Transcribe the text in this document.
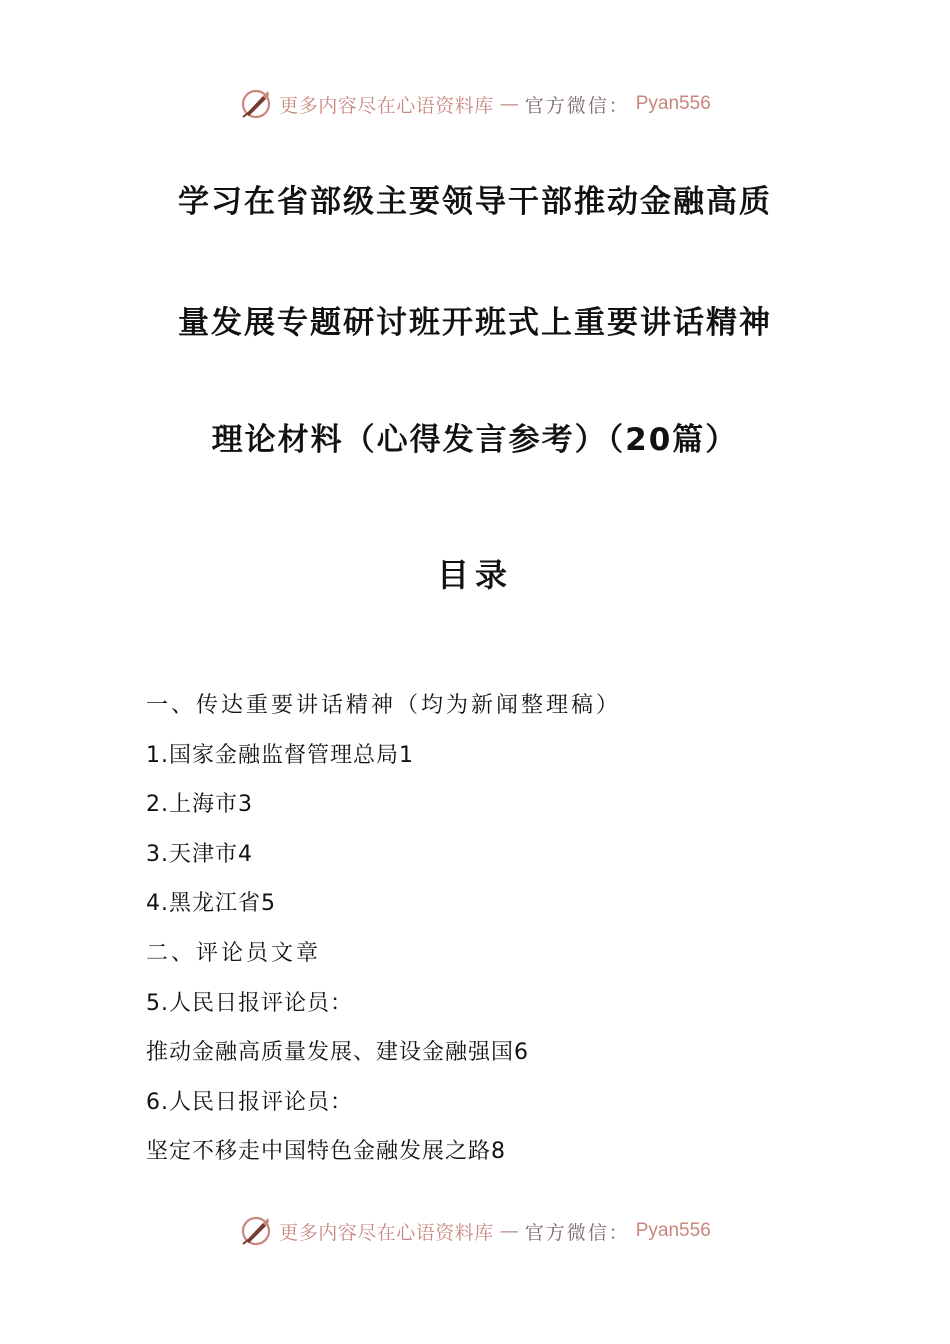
更多内容尽在心语资料库 — 官方微信： Pyan556
学习在省部级主要领导干部推动金融高质
量发展专题研讨班开班式上重要讲话精神
理论材料（心得发言参考）（20篇）
目录
一、传达重要讲话精神（均为新闻整理稿）
1.国家金融监督管理总局1
2.上海市3
3.天津市4
4.黑龙江省5
二、评论员文章
5.人民日报评论员：
推动金融高质量发展、建设金融强国6
6.人民日报评论员：
坚定不移走中国特色金融发展之路8
更多内容尽在心语资料库 — 官方微信： Pyan556
